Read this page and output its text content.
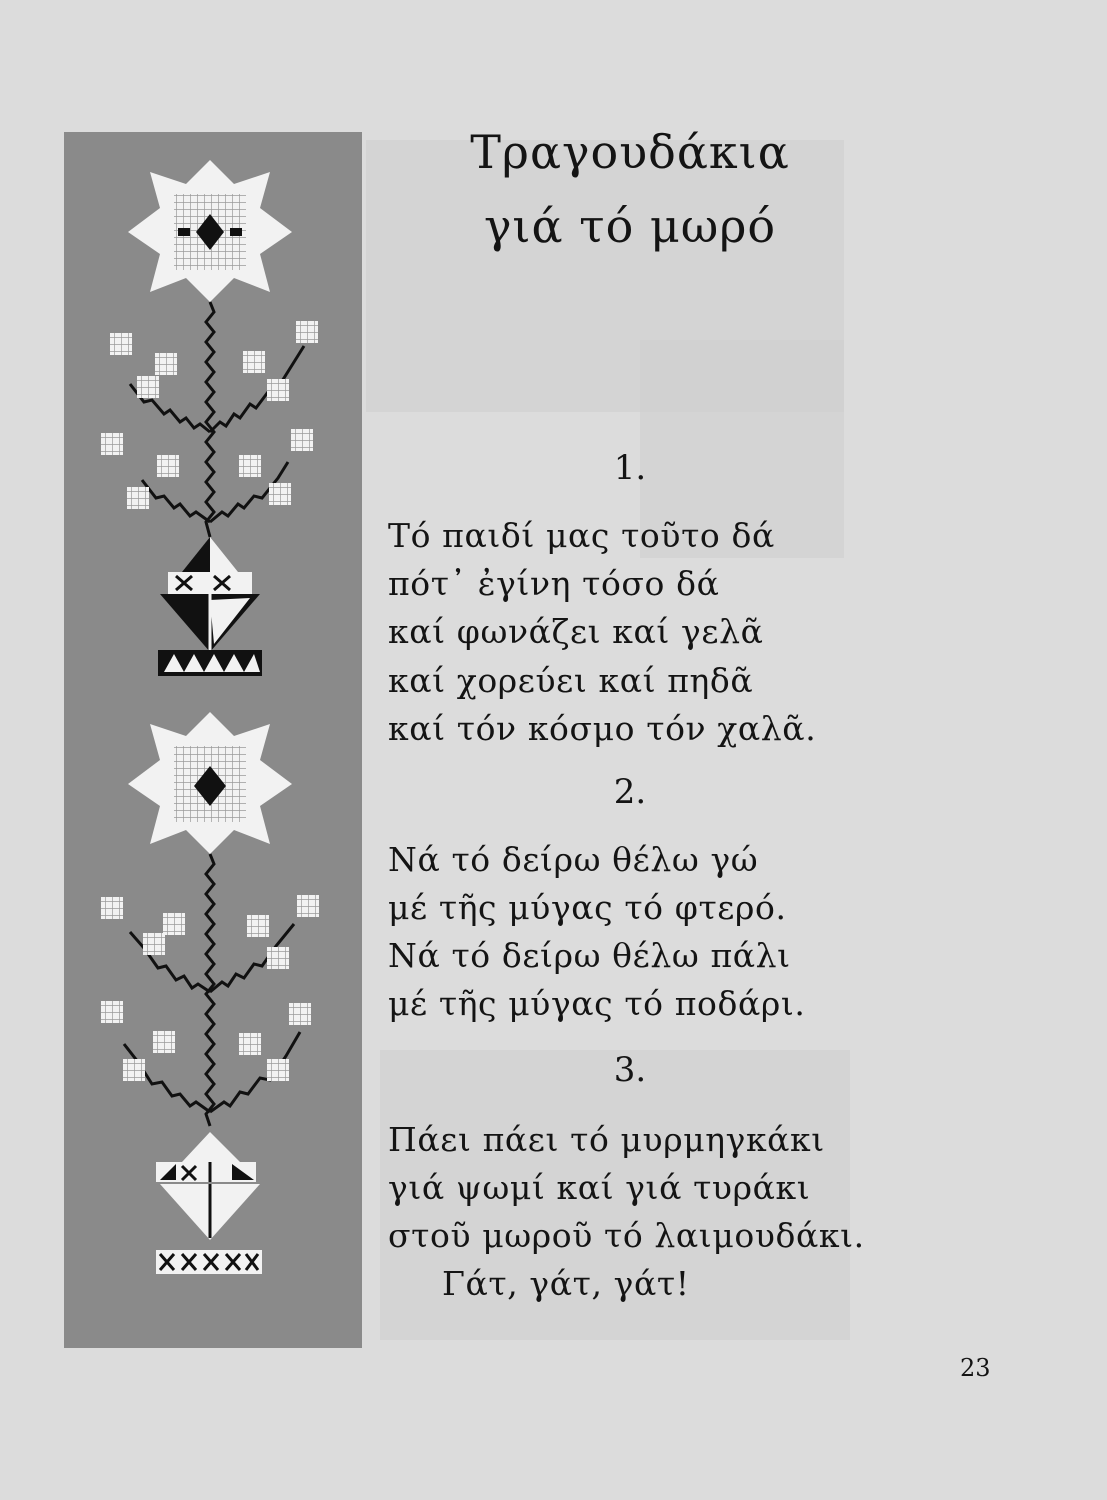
Τραγουδάκια
γιά τό μωρό
1.
Τό παιδί μας τοῦτο δά
πότ᾽ ἐγίνη τόσο δά
καί φωνάζει καί γελᾶ
καί χορεύει καί πηδᾶ
καί τόν κόσμο τόν χαλᾶ.
2.
Νά τό δείρω θέλω γώ
μέ τῆς μύγας τό φτερό.
Νά τό δείρω θέλω πάλι
μέ τῆς μύγας τό ποδάρι.
3.
Πάει πάει τό μυρμηγκάκι
γιά ψωμί καί γιά τυράκι
στοῦ μωροῦ τό λαιμουδάκι.
Γάτ, γάτ, γάτ!
23
